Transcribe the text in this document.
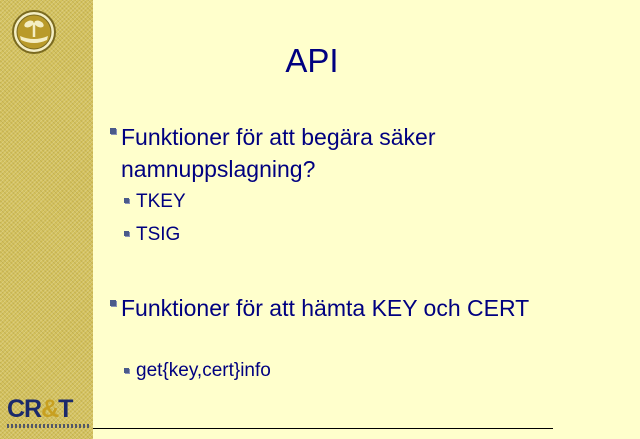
CR&T
API
Funktioner för att begära säker namnuppslagning?
TKEY
TSIG
Funktioner för att hämta KEY och CERT
get{key,cert}info
